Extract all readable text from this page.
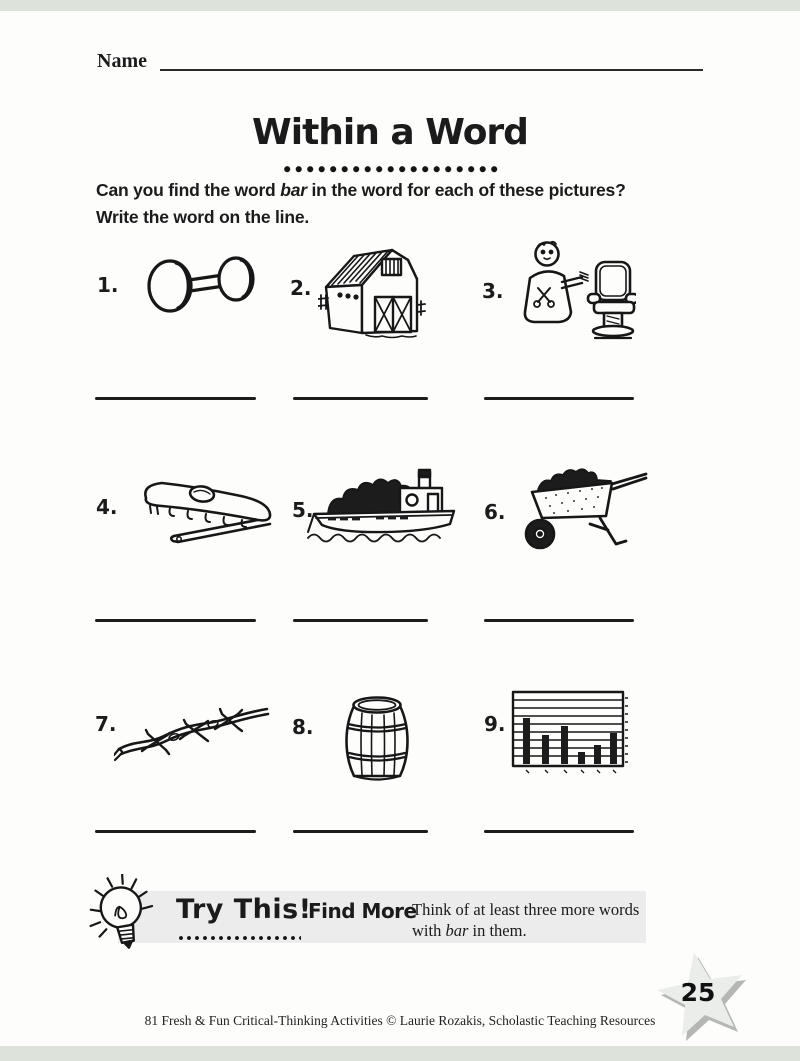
Name
Within a Word
Can you find the word bar in the word for each of these pictures?
Write the word on the line.
1.	2.	3.
4.	5.	6.
7.	8.	9.
Try This!
Find More
Think of at least three more words with bar in them.
25
81 Fresh & Fun Critical-Thinking Activities © Laurie Rozakis, Scholastic Teaching Resources
